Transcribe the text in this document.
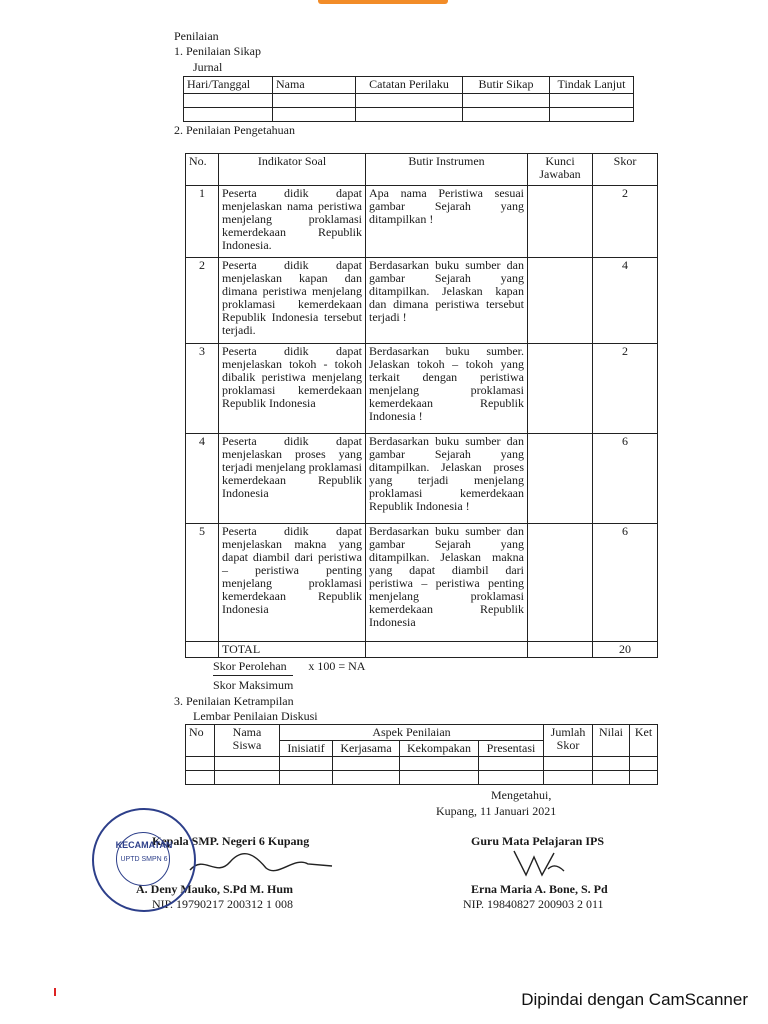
Penilaian
1. Penilaian Sikap
Jurnal
Hari/Tanggal	Nama	Catatan Perilaku	Butir Sikap	Tindak Lanjut

2. Penilaian Pengetahuan
No.	Indikator Soal	Butir Instrumen	Kunci Jawaban	Skor
1	Peserta didik dapat menjelaskan nama peristiwa menjelang proklamasi kemerdekaan Republik Indonesia.	Apa nama Peristiwa sesuai gambar Sejarah yang ditampilkan !		2
2	Peserta didik dapat menjelaskan kapan dan dimana peristiwa menjelang proklamasi kemerdekaan Republik Indonesia tersebut terjadi.	Berdasarkan buku sumber dan gambar Sejarah yang ditampilkan. Jelaskan kapan dan dimana peristiwa tersebut terjadi !		4
3	Peserta didik dapat menjelaskan tokoh - tokoh dibalik peristiwa menjelang proklamasi kemerdekaan Republik Indonesia	Berdasarkan buku sumber. Jelaskan tokoh – tokoh yang terkait dengan peristiwa menjelang proklamasi kemerdekaan Republik Indonesia !		2
4	Peserta didik dapat menjelaskan proses yang terjadi menjelang proklamasi kemerdekaan Republik Indonesia	Berdasarkan buku sumber dan gambar Sejarah yang ditampilkan. Jelaskan proses yang terjadi menjelang proklamasi kemerdekaan Republik Indonesia !		6
5	Peserta didik dapat menjelaskan makna yang dapat diambil dari peristiwa – peristiwa penting menjelang proklamasi kemerdekaan Republik Indonesia	Berdasarkan buku sumber dan gambar Sejarah yang ditampilkan. Jelaskan makna yang dapat diambil dari peristiwa – peristiwa penting menjelang proklamasi kemerdekaan Republik Indonesia		6
	TOTAL			20
Skor Perolehan
Skor Maksimum
x 100 = NA
3. Penilaian Ketrampilan
Lembar Penilaian Diskusi
No	Nama Siswa	Aspek Penilaian				Jumlah Skor	Nilai	Ket
		Inisiatif	Kerjasama	Kekompakan	Presentasi			

Mengetahui,
Kupang, 11 Januari 2021
Kepala SMP. Negeri 6 Kupang
A. Deny Mauko, S.Pd M. Hum
NIP. 19790217 200312 1 008
Guru Mata Pelajaran IPS
Erna Maria A. Bone, S. Pd
NIP. 19840827 200903 2 011
KECAMATAN
UPTD SMPN 6
Dipindai dengan CamScanner
